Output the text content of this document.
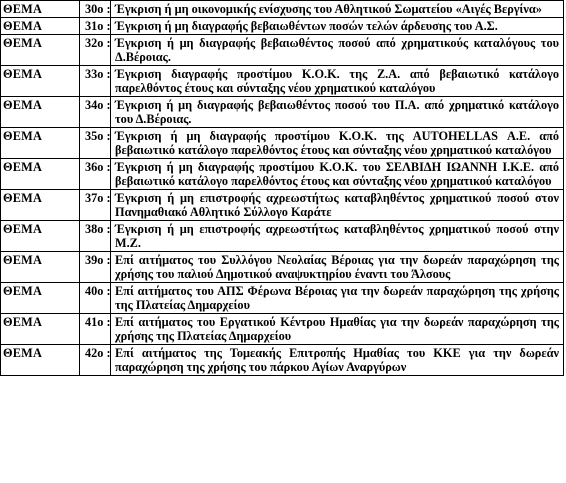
ΘΕΜΑ	30ο :	Έγκριση ή μη οικονομικής ενίσχυσης του Αθλητικού Σωματείου «Αιγές Βεργίνα»
ΘΕΜΑ	31ο :	Έγκριση ή μη διαγραφής βεβαιωθέντων ποσών τελών άρδευσης του Α.Σ.
ΘΕΜΑ	32ο :	Έγκριση ή μη διαγραφής βεβαιωθέντος ποσού από χρηματικούς καταλόγους του Δ.Βέροιας.
ΘΕΜΑ	33ο :	Έγκριση διαγραφής προστίμου Κ.Ο.Κ. της Ζ.Α. από βεβαιωτικό κατάλογο παρελθόντος έτους και σύνταξης νέου χρηματικού καταλόγου
ΘΕΜΑ	34ο :	Έγκριση ή μη διαγραφής βεβαιωθέντος ποσού του Π.Α. από χρηματικό κατάλογο του Δ.Βέροιας.
ΘΕΜΑ	35ο :	Έγκριση ή μη διαγραφής προστίμου Κ.Ο.Κ. της AUTOHELLAS Α.Ε. από βεβαιωτικό κατάλογο παρελθόντος έτους και σύνταξης νέου χρηματικού καταλόγου
ΘΕΜΑ	36ο :	Έγκριση ή μη διαγραφής προστίμου Κ.Ο.Κ. του ΣΕΛΒΙΔΗ ΙΩΑΝΝΗ Ι.Κ.Ε. από βεβαιωτικό κατάλογο παρελθόντος έτους και σύνταξης νέου χρηματικού καταλόγου
ΘΕΜΑ	37ο :	Έγκριση ή μη επιστροφής αχρεωστήτως καταβληθέντος χρηματικού ποσού στον Πανημαθιακό Αθλητικό Σύλλογο Καράτε
ΘΕΜΑ	38ο :	Έγκριση ή μη επιστροφής αχρεωστήτως καταβληθέντος χρηματικού ποσού στην Μ.Ζ.
ΘΕΜΑ	39ο :	Επί αιτήματος του Συλλόγου Νεολαίας Βέροιας για την δωρεάν παραχώρηση της χρήσης του παλιού Δημοτικού αναψυκτηρίου έναντι του Άλσους
ΘΕΜΑ	40ο :	Επί αιτήματος του ΑΠΣ Φέρωνα Βέροιας για την δωρεάν παραχώρηση της χρήσης της Πλατείας Δημαρχείου
ΘΕΜΑ	41ο :	Επί αιτήματος του Εργατικού Κέντρου Ημαθίας για την δωρεάν παραχώρηση της χρήσης της Πλατείας Δημαρχείου
ΘΕΜΑ	42ο :	Επί αιτήματος της Τομεακής Επιτροπής Ημαθίας του ΚΚΕ για την δωρεάν παραχώρηση της χρήσης του πάρκου Αγίων Αναργύρων
